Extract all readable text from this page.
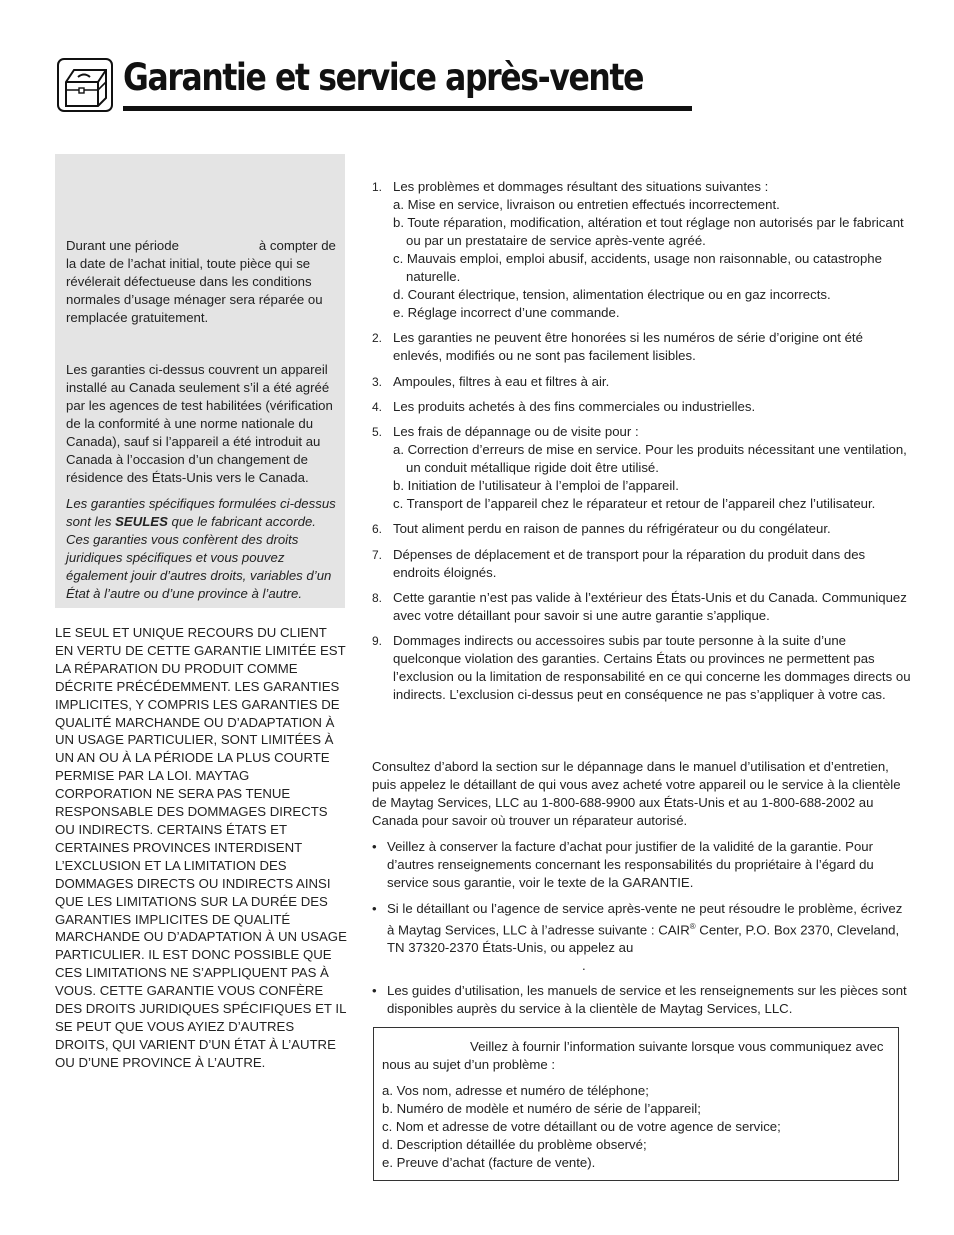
Garantie et service après-vente

Durant une période	à compter de la date de l’achat initial, toute pièce qui se révélerait défectueuse dans les conditions normales d’usage ménager sera réparée ou remplacée gratuitement.

Les garanties ci-dessus couvrent un appareil installé au Canada seulement s’il a été agréé par les agences de test habilitées (vérification de la conformité à une norme nationale du Canada), sauf si l’appareil a été introduit au Canada à l’occasion d’un changement de résidence des États-Unis vers le Canada.

Les garanties spécifiques formulées ci-dessus sont les SEULES que le fabricant accorde. Ces garanties vous confèrent des droits juridiques spécifiques et vous pouvez également jouir d’autres droits, variables d’un État à l’autre ou d’une province à l’autre.

LE SEUL ET UNIQUE RECOURS DU CLIENT EN VERTU DE CETTE GARANTIE LIMITÉE EST LA RÉPARATION DU PRODUIT COMME DÉCRITE PRÉCÉDEMMENT. LES GARANTIES IMPLICITES, Y COMPRIS LES GARANTIES DE QUALITÉ MARCHANDE OU D’ADAPTATION À UN USAGE PARTICULIER, SONT LIMITÉES À UN AN OU À LA PÉRIODE LA PLUS COURTE PERMISE PAR LA LOI. MAYTAG CORPORATION NE SERA PAS TENUE RESPONSABLE DES DOMMAGES DIRECTS OU INDIRECTS. CERTAINS ÉTATS ET CERTAINES PROVINCES INTERDISENT L’EXCLUSION ET LA LIMITATION DES DOMMAGES DIRECTS OU INDIRECTS AINSI QUE LES LIMITATIONS SUR LA DURÉE DES GARANTIES IMPLICITES DE QUALITÉ MARCHANDE OU D’ADAPTATION À UN USAGE PARTICULIER. IL EST DONC POSSIBLE QUE CES LIMITATIONS NE S’APPLIQUENT PAS À VOUS. CETTE GARANTIE VOUS CONFÈRE DES DROITS JURIDIQUES SPÉCIFIQUES ET IL SE PEUT QUE VOUS AYIEZ D’AUTRES DROITS, QUI VARIENT D’UN ÉTAT À L’AUTRE OU D’UNE PROVINCE À L’AUTRE.

1. Les problèmes et dommages résultant des situations suivantes :
a. Mise en service, livraison ou entretien effectués incorrectement.
b. Toute réparation, modification, altération et tout réglage non autorisés par le fabricant ou par un prestataire de service après-vente agréé.
c. Mauvais emploi, emploi abusif, accidents, usage non raisonnable, ou catastrophe naturelle.
d. Courant électrique, tension, alimentation électrique ou en gaz incorrects.
e. Réglage incorrect d’une commande.
2. Les garanties ne peuvent être honorées si les numéros de série d’origine ont été enlevés, modifiés ou ne sont pas facilement lisibles.
3. Ampoules, filtres à eau et filtres à air.
4. Les produits achetés à des fins commerciales ou industrielles.
5. Les frais de dépannage ou de visite pour :
a. Correction d’erreurs de mise en service. Pour les produits nécessitant une ventilation, un conduit métallique rigide doit être utilisé.
b. Initiation de l’utilisateur à l’emploi de l’appareil.
c. Transport de l’appareil chez le réparateur et retour de l’appareil chez l’utilisateur.
6. Tout aliment perdu en raison de pannes du réfrigérateur ou du congélateur.
7. Dépenses de déplacement et de transport pour la réparation du produit dans des endroits éloignés.
8. Cette garantie n’est pas valide à l’extérieur des États-Unis et du Canada. Communiquez avec votre détaillant pour savoir si une autre garantie s’applique.
9. Dommages indirects ou accessoires subis par toute personne à la suite d’une quelconque violation des garanties. Certains États ou provinces ne permettent pas l’exclusion ou la limitation de responsabilité en ce qui concerne les dommages directs ou indirects. L’exclusion ci-dessus peut en conséquence ne pas s’appliquer à votre cas.

Consultez d’abord la section sur le dépannage dans le manuel d’utilisation et d’entretien, puis appelez le détaillant de qui vous avez acheté votre appareil ou le service à la clientèle de Maytag Services, LLC au 1-800-688-9900 aux États-Unis et au 1-800-688-2002 au Canada pour savoir où trouver un réparateur autorisé.

• Veillez à conserver la facture d’achat pour justifier de la validité de la garantie. Pour d’autres renseignements concernant les responsabilités du propriétaire à l’égard du service sous garantie, voir le texte de la GARANTIE.
• Si le détaillant ou l’agence de service après-vente ne peut résoudre le problème, écrivez à Maytag Services, LLC à l’adresse suivante : CAIR® Center, P.O. Box 2370, Cleveland, TN 37320-2370 États-Unis, ou appelez au
.
• Les guides d’utilisation, les manuels de service et les renseignements sur les pièces sont disponibles auprès du service à la clientèle de Maytag Services, LLC.
Veillez à fournir l’information suivante lorsque vous communiquez avec nous au sujet d’un problème :
a. Vos nom, adresse et numéro de téléphone;
b. Numéro de modèle et numéro de série de l’appareil;
c. Nom et adresse de votre détaillant ou de votre agence de service;
d. Description détaillée du problème observé;
e. Preuve d’achat (facture de vente).
